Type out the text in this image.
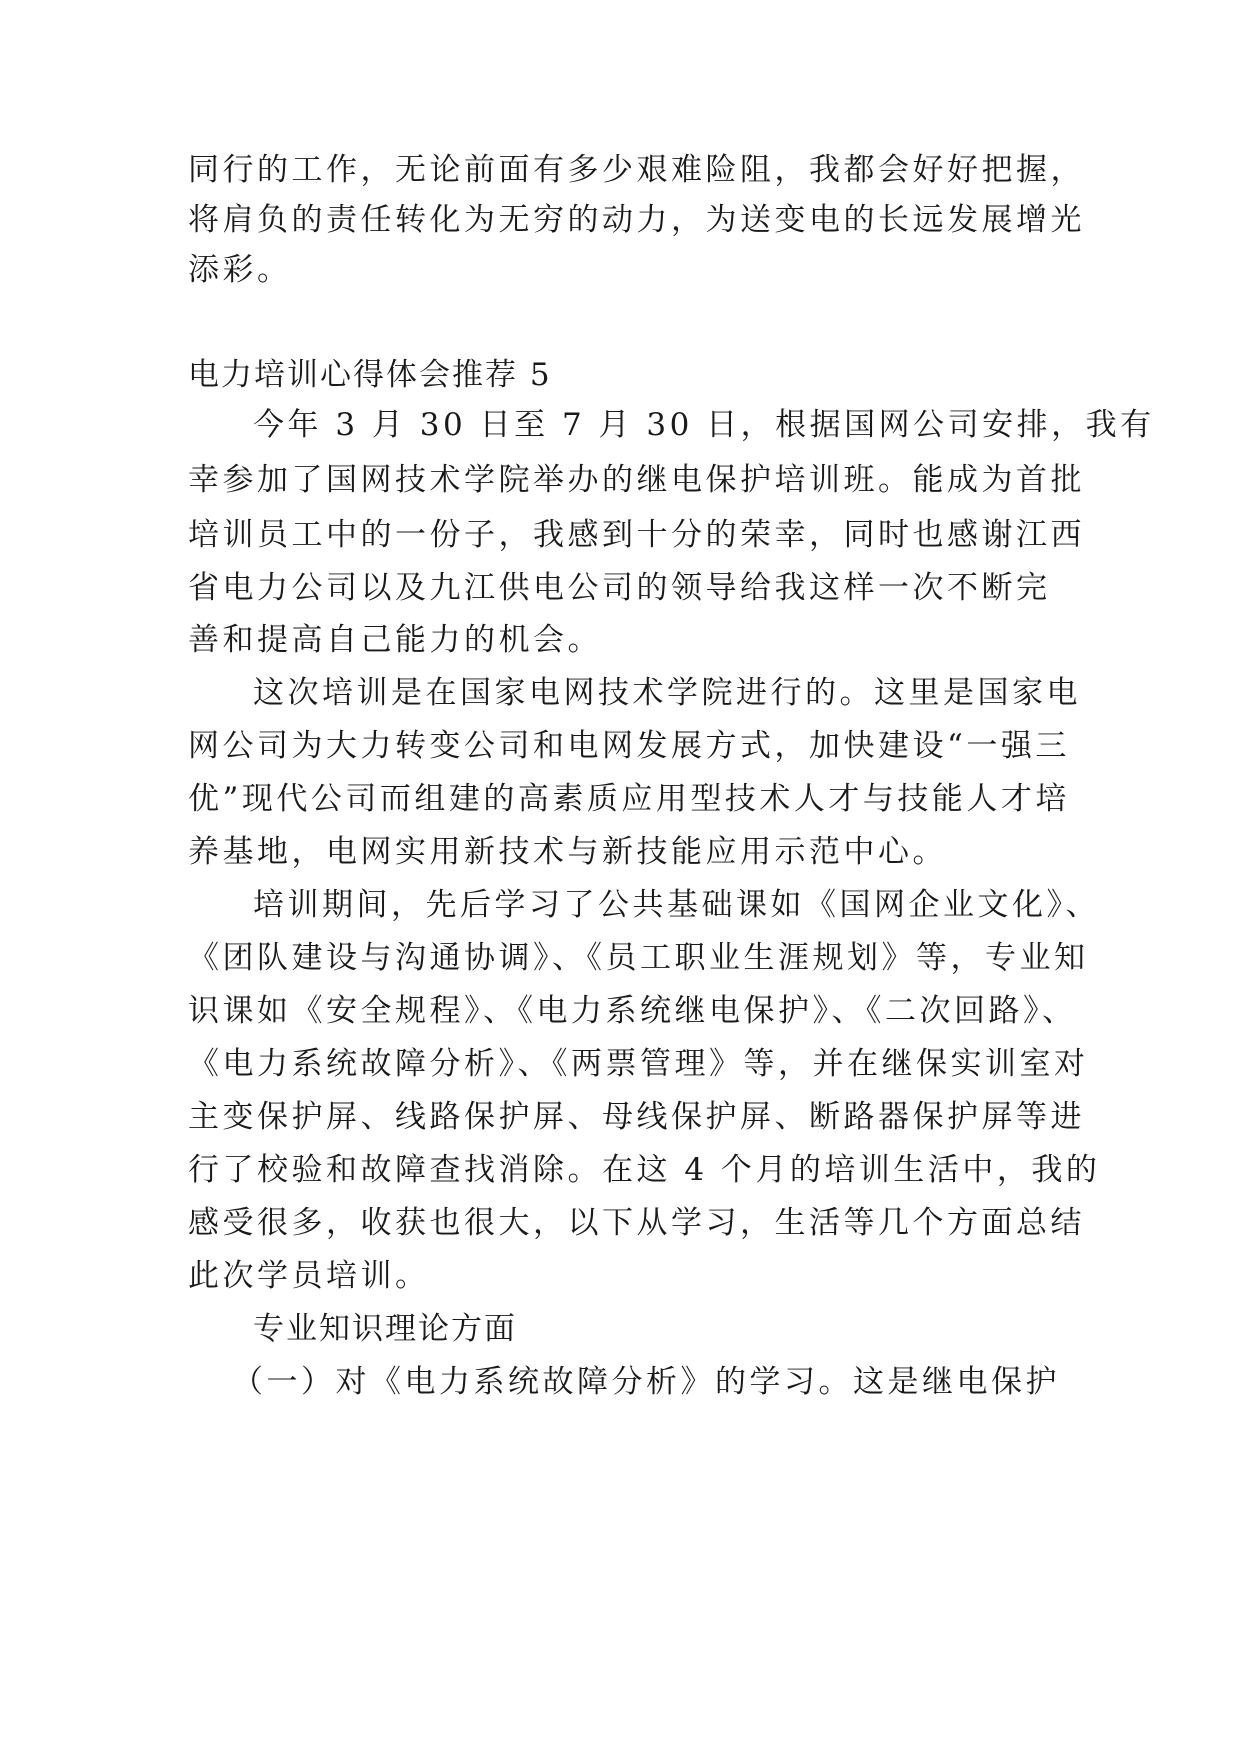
同行的工作，无论前面有多少艰难险阻，我都会好好把握，
将肩负的责任转化为无穷的动力，为送变电的长远发展增光
添彩。
电力培训心得体会推荐 5
今年 3 月 30 日至 7 月 30 日，根据国网公司安排，我有
幸参加了国网技术学院举办的继电保护培训班。能成为首批
培训员工中的一份子，我感到十分的荣幸，同时也感谢江西
省电力公司以及九江供电公司的领导给我这样一次不断完
善和提高自己能力的机会。
这次培训是在国家电网技术学院进行的。这里是国家电
网公司为大力转变公司和电网发展方式，加快建设“一强三
优”现代公司而组建的高素质应用型技术人才与技能人才培
养基地，电网实用新技术与新技能应用示范中心。
培训期间，先后学习了公共基础课如《国网企业文化》、
《团队建设与沟通协调》、《员工职业生涯规划》等，专业知
识课如《安全规程》、《电力系统继电保护》、《二次回路》、
《电力系统故障分析》、《两票管理》等，并在继保实训室对
主变保护屏、线路保护屏、母线保护屏、断路器保护屏等进
行了校验和故障查找消除。在这 4 个月的培训生活中，我的
感受很多，收获也很大，以下从学习，生活等几个方面总结
此次学员培训。
专业知识理论方面
（一）对《电力系统故障分析》的学习。这是继电保护
